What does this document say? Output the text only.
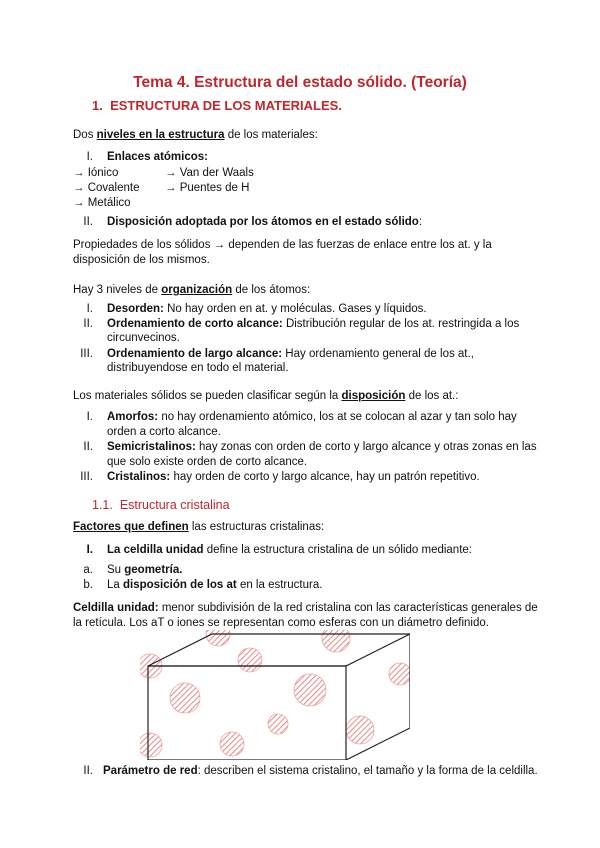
Tema 4. Estructura del estado sólido. (Teoría)
1. ESTRUCTURA DE LOS MATERIALES.
Dos niveles en la estructura de los materiales:
I. Enlaces atómicos:
→ Iónico	→ Van der Waals
→ Covalente → Puentes de H
→ Metálico
II. Disposición adoptada por los átomos en el estado sólido:
Propiedades de los sólidos → dependen de las fuerzas de enlace entre los at. y la
disposición de los mismos.
Hay 3 niveles de organización de los átomos:
I. Desorden: No hay orden en at. y moléculas. Gases y líquidos.
II. Ordenamiento de corto alcance: Distribución regular de los at. restringida a los
circunvecinos.
III. Ordenamiento de largo alcance: Hay ordenamiento general de los at.,
distribuyendose en todo el material.
Los materiales sólidos se pueden clasificar según la disposición de los at.:
I. Amorfos: no hay ordenamiento atómico, los at se colocan al azar y tan solo hay
orden a corto alcance.
II. Semicristalinos: hay zonas con orden de corto y largo alcance y otras zonas en las
que solo existe orden de corto alcance.
III. Cristalinos: hay orden de corto y largo alcance, hay un patrón repetitivo.
1.1. Estructura cristalina
Factores que definen las estructuras cristalinas:
I. La celdilla unidad define la estructura cristalina de un sólido mediante:
a. Su geometría.
b. La disposición de los at en la estructura.
Celdilla unidad: menor subdivisión de la red cristalina con las características generales de
la retícula. Los aT o iones se representan como esferas con un diámetro definido.
II. Parámetro de red: describen el sistema cristalino, el tamaño y la forma de la celdilla.
